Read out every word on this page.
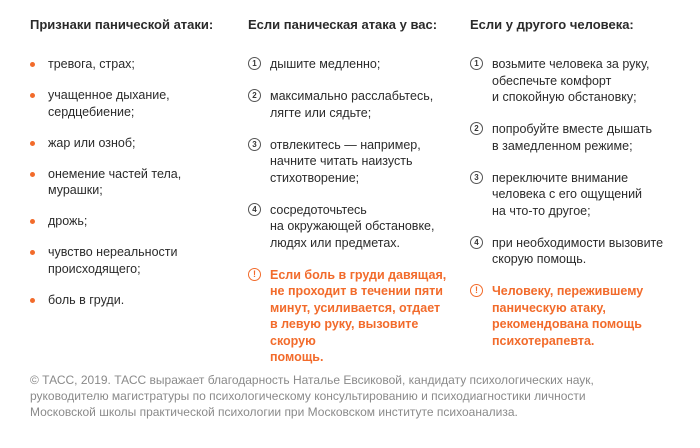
Признаки панической атаки:
тревога, страх;
учащенное дыхание,
сердцебиение;
жар или озноб;
онемение частей тела,
мурашки;
дрожь;
чувство нереальности
происходящего;
боль в груди.
Если паническая атака у вас:
1	дышите медленно;
2	максимально расслабьтесь,
лягте или сядьте;
3	отвлекитесь — например,
начните читать наизусть
стихотворение;
4	сосредоточьтесь
на окружающей обстановке,
людях или предметах.
!	Если боль в груди давящая,
не проходит в течении пяти
минут, усиливается, отдает
в левую руку, вызовите скорую
помощь.
Если у другого человека:
1	возьмите человека за руку,
обеспечьте комфорт
и спокойную обстановку;
2	попробуйте вместе дышать
в замедленном режиме;
3	переключите внимание
человека с его ощущений
на что-то другое;
4	при необходимости вызовите
скорую помощь.
!	Человеку, пережившему
паническую атаку,
рекомендована помощь
психотерапевта.

© ТАСС, 2019. ТАСС выражает благодарность Наталье Евсиковой, кандидату психологических наук,

руководителю магистратуры по психологическому консультированию и психодиагностики личности

Московской школы практической психологии при Московском институте психоанализа.
